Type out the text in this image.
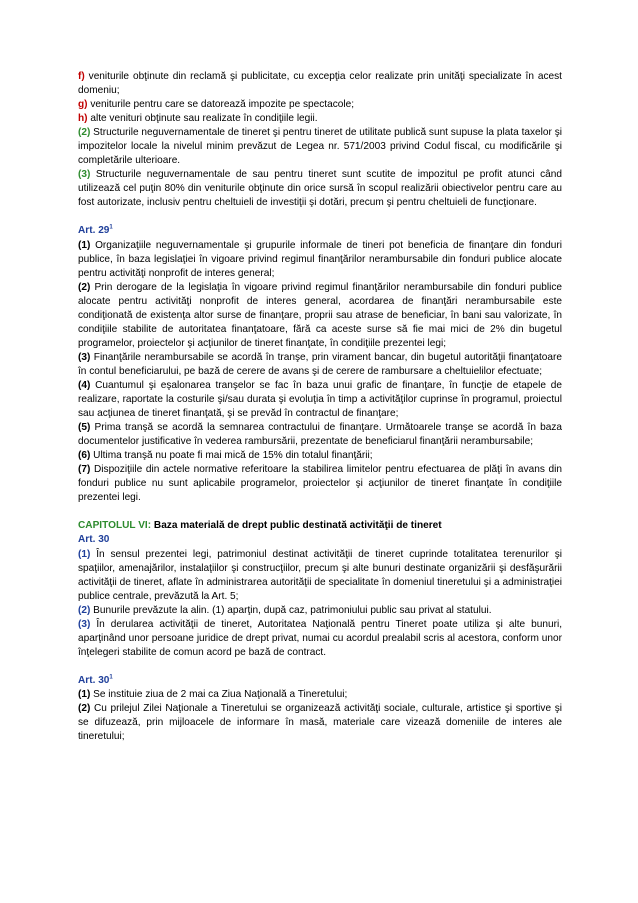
f) veniturile obţinute din reclamă şi publicitate, cu excepţia celor realizate prin unităţi specializate în acest domeniu;

g) veniturile pentru care se datorează impozite pe spectacole;

h) alte venituri obţinute sau realizate în condiţiile legii.

(2) Structurile neguvernamentale de tineret şi pentru tineret de utilitate publică sunt supuse la plata taxelor şi impozitelor locale la nivelul minim prevăzut de Legea nr. 571/2003 privind Codul fiscal, cu modificările şi completările ulterioare.

(3) Structurile neguvernamentale de sau pentru tineret sunt scutite de impozitul pe profit atunci când utilizează cel puţin 80% din veniturile obţinute din orice sursă în scopul realizării obiectivelor pentru care au fost autorizate, inclusiv pentru cheltuieli de investiţii şi dotări, precum şi pentru cheltuieli de funcţionare.

Art. $29^1$

(1) Organizaţiile neguvernamentale şi grupurile informale de tineri pot beneficia de finanţare din fonduri publice, în baza legislaţiei în vigoare privind regimul finanţărilor nerambursabile din fonduri publice alocate pentru activităţi nonprofit de interes general;

(2) Prin derogare de la legislaţia în vigoare privind regimul finanţărilor nerambursabile din fonduri publice alocate pentru activităţi nonprofit de interes general, acordarea de finanţări nerambursabile este condiţionată de existenţa altor surse de finanţare, proprii sau atrase de beneficiar, în bani sau valorizate, în condiţiile stabilite de autoritatea finanţatoare, fără ca aceste surse să fie mai mici de 2% din bugetul programelor, proiectelor şi acţiunilor de tineret finanţate, în condiţiile prezentei legi;

(3) Finanţările nerambursabile se acordă în tranşe, prin virament bancar, din bugetul autorităţii finanţatoare în contul beneficiarului, pe bază de cerere de avans şi de cerere de rambursare a cheltuielilor efectuate;

(4) Cuantumul şi eşalonarea tranşelor se fac în baza unui grafic de finanţare, în funcţie de etapele de realizare, raportate la costurile şi/sau durata şi evoluţia în timp a activităţilor cuprinse în programul, proiectul sau acţiunea de tineret finanţată, şi se prevăd în contractul de finanţare;

(5) Prima tranşă se acordă la semnarea contractului de finanţare. Următoarele tranşe se acordă în baza documentelor justificative în vederea rambursării, prezentate de beneficiarul finanţării nerambursabile;

(6) Ultima tranşă nu poate fi mai mică de 15% din totalul finanţării;

(7) Dispoziţiile din actele normative referitoare la stabilirea limitelor pentru efectuarea de plăţi în avans din fonduri publice nu sunt aplicabile programelor, proiectelor şi acţiunilor de tineret finanţate în condiţiile prezentei legi.

CAPITOLUL VI: Baza materială de drept public destinată activităţii de tineret

Art. 30

(1) În sensul prezentei legi, patrimoniul destinat activităţii de tineret cuprinde totalitatea terenurilor şi spaţiilor, amenajărilor, instalaţiilor şi construcţiilor, precum şi alte bunuri destinate organizării şi desfăşurării activităţii de tineret, aflate în administrarea autorităţii de specialitate în domeniul tineretului şi a administraţiei publice centrale, prevăzută la Art. 5;

(2) Bunurile prevăzute la alin. (1) aparţin, după caz, patrimoniului public sau privat al statului.

(3) În derularea activităţii de tineret, Autoritatea Naţională pentru Tineret poate utiliza şi alte bunuri, aparţinând unor persoane juridice de drept privat, numai cu acordul prealabil scris al acestora, conform unor înţelegeri stabilite de comun acord pe bază de contract.

Art. $30^1$

(1) Se instituie ziua de 2 mai ca Ziua Naţională a Tineretului;

(2) Cu prilejul Zilei Naţionale a Tineretului se organizează activităţi sociale, culturale, artistice şi sportive şi se difuzează, prin mijloacele de informare în masă, materiale care vizează domeniile de interes ale tineretului;
